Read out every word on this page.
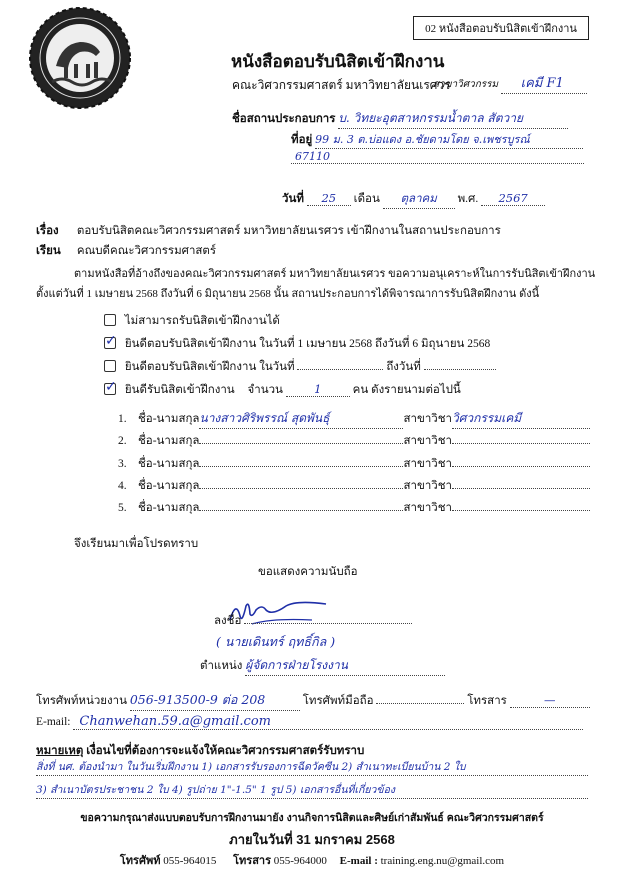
02 หนังสือตอบรับนิสิตเข้าฝึกงาน
หนังสือตอบรับนิสิตเข้าฝึกงาน
คณะวิศวกรรมศาสตร์ มหาวิทยาลัยนเรศวร
สาขาวิศวกรรม เคมี F1
ชื่อสถานประกอบการ บ. วิทยะอุตสาหกรรมน้ำตาล สัตวาย
ที่อยู่ 99 ม. 3 ต.บ่อแดง อ.ชัยดามโดย จ.เพชรบูรณ์
67110
วันที่ 25 เดือน ตุลาคม พ.ศ. 2567
เรื่อง ตอบรับนิสิตคณะวิศวกรรมศาสตร์ มหาวิทยาลัยนเรศวร เข้าฝึกงานในสถานประกอบการ
เรียน คณบดีคณะวิศวกรรมศาสตร์
ตามหนังสือที่อ้างถึงของคณะวิศวกรรมศาสตร์ มหาวิทยาลัยนเรศวร ขอความอนุเคราะห์ในการรับนิสิตเข้าฝึกงาน
ตั้งแต่วันที่ 1 เมษายน 2568 ถึงวันที่ 6 มิถุนายน 2568 นั้น สถานประกอบการได้พิจารณาการรับนิสิตฝึกงาน ดังนี้
ไม่สามารถรับนิสิตเข้าฝึกงานได้
✓ ยินดีตอบรับนิสิตเข้าฝึกงาน ในวันที่ 1 เมษายน 2568 ถึงวันที่ 6 มิถุนายน 2568
ยินดีตอบรับนิสิตเข้าฝึกงาน ในวันที่	ถึงวันที่
✓ ยินดีรับนิสิตเข้าฝึกงาน จำนวน	1	คน ดังรายนามต่อไปนี้
1. ชื่อ-นามสกุลนางสาวศิริพรรณ์ สุดพันธุ์	สาขาวิชาวิศวกรรมเคมี
2. ชื่อ-นามสกุล	สาขาวิชา
3. ชื่อ-นามสกุล	สาขาวิชา
4. ชื่อ-นามสกุล	สาขาวิชา
5. ชื่อ-นามสกุล	สาขาวิชา
จึงเรียนมาเพื่อโปรดทราบ
ขอแสดงความนับถือ
ลงชื่อ
( นายเดินทร์ ฤทธิ์กิล )
ตำแหน่ง ผู้จัดการฝ่ายโรงงาน
โทรศัพท์หน่วยงาน 056-913500-9 ต่อ 208	โทรศัพท์มือถือ	โทรสาร	—
E-mail: Chanwehan.59.a@gmail.com
หมายเหตุ เงื่อนไขที่ต้องการจะแจ้งให้คณะวิศวกรรมศาสตร์รับทราบ
สิ่งที่ นศ. ต้องนำมา ในวันเริ่มฝึกงาน 1) เอกสารรับรองการฉีดวัคซีน 2) สำเนาทะเบียนบ้าน 2 ใบ
3) สำเนาบัตรประชาชน 2 ใบ 4) รูปถ่าย 1"-1.5" 1 รูป 5) เอกสารอื่นที่เกี่ยวข้อง
ขอความกรุณาส่งแบบตอบรับการฝึกงานมายัง งานกิจการนิสิตและศิษย์เก่าสัมพันธ์ คณะวิศวกรรมศาสตร์
ภายในวันที่ 31 มกราคม 2568
โทรศัพท์ 055-964015 โทรสาร 055-964000 E-mail : training.eng.nu@gmail.com
